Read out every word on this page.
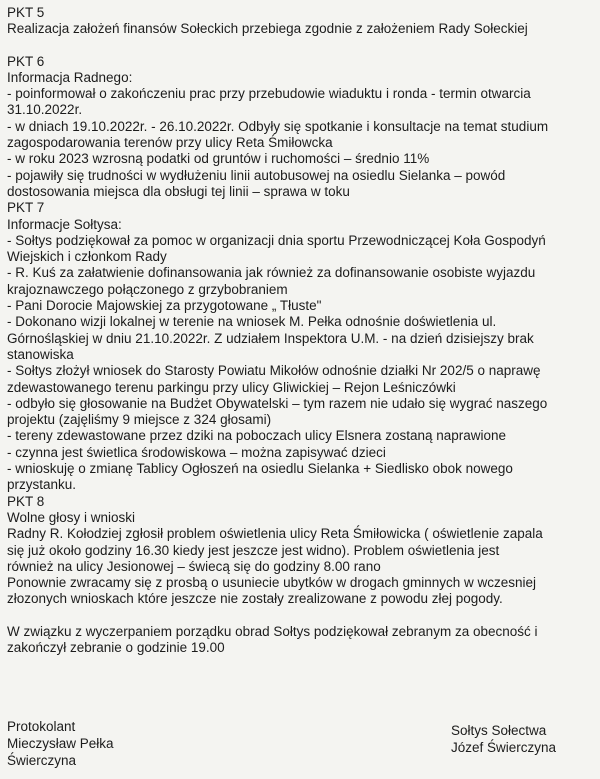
PKT 5
Realizacja założeń finansów Sołeckich przebiega zgodnie z założeniem Rady Sołeckiej
PKT 6
Informacja Radnego:
- poinformował o zakończeniu prac przy przebudowie wiaduktu i ronda - termin otwarcia
31.10.2022r.
- w dniach 19.10.2022r. - 26.10.2022r. Odbyły się spotkanie i konsultacje na temat studium
zagospodarowania terenów przy ulicy Reta Śmiłowcka
- w roku 2023 wzrosną podatki od gruntów i ruchomości – średnio 11%
- pojawiły się trudności w wydłużeniu linii autobusowej na osiedlu Sielanka – powód
dostosowania miejsca dla obsługi tej linii – sprawa w toku
PKT 7
Informacje Sołtysa:
- Sołtys podziękował za pomoc w organizacji dnia sportu Przewodniczącej Koła Gospodyń
Wiejskich i członkom Rady
- R. Kuś za załatwienie dofinansowania jak również za dofinansowanie osobiste wyjazdu
krajoznawczego połączonego z grzybobraniem
- Pani Dorocie Majowskiej za przygotowane „ Tłuste"
- Dokonano wizji lokalnej w terenie na wniosek M. Pełka odnośnie doświetlenia ul.
Górnośląskiej w dniu 21.10.2022r. Z udziałem Inspektora U.M. - na dzień dzisiejszy brak
stanowiska
- Sołtys złożył wniosek do Starosty Powiatu Mikołów odnośnie działki Nr 202/5 o naprawę
zdewastowanego terenu parkingu przy ulicy Gliwickiej – Rejon Leśniczówki
- odbyło się głosowanie na Budżet Obywatelski – tym razem nie udało się wygrać naszego
projektu (zajęliśmy 9 miejsce z 324 głosami)
- tereny zdewastowane przez dziki na poboczach ulicy Elsnera zostaną naprawione
- czynna jest świetlica środowiskowa – można zapisywać dzieci
- wnioskuję o zmianę Tablicy Ogłoszeń na osiedlu Sielanka + Siedlisko obok nowego
przystanku.
PKT 8
Wolne głosy i wnioski
Radny R. Kołodziej zgłosił problem oświetlenia ulicy Reta Śmiłowicka ( oświetlenie zapala
się już około godziny 16.30 kiedy jest jeszcze jest widno). Problem oświetlenia jest
również na ulicy Jesionowej – świecą się do godziny 8.00 rano
Ponownie zwracamy się z prosbą o usuniecie ubytków w drogach gminnych w wczesniej
złozonych wnioskach które jeszcze nie zostały zrealizowane z powodu złej pogody.
W związku z wyczerpaniem porządku obrad Sołtys podziękował zebranym za obecność i
zakończył zebranie o godzinie 19.00
Protokolant
Mieczysław Pełka
Świerczyna
Sołtys Sołectwa
Józef Świerczyna
